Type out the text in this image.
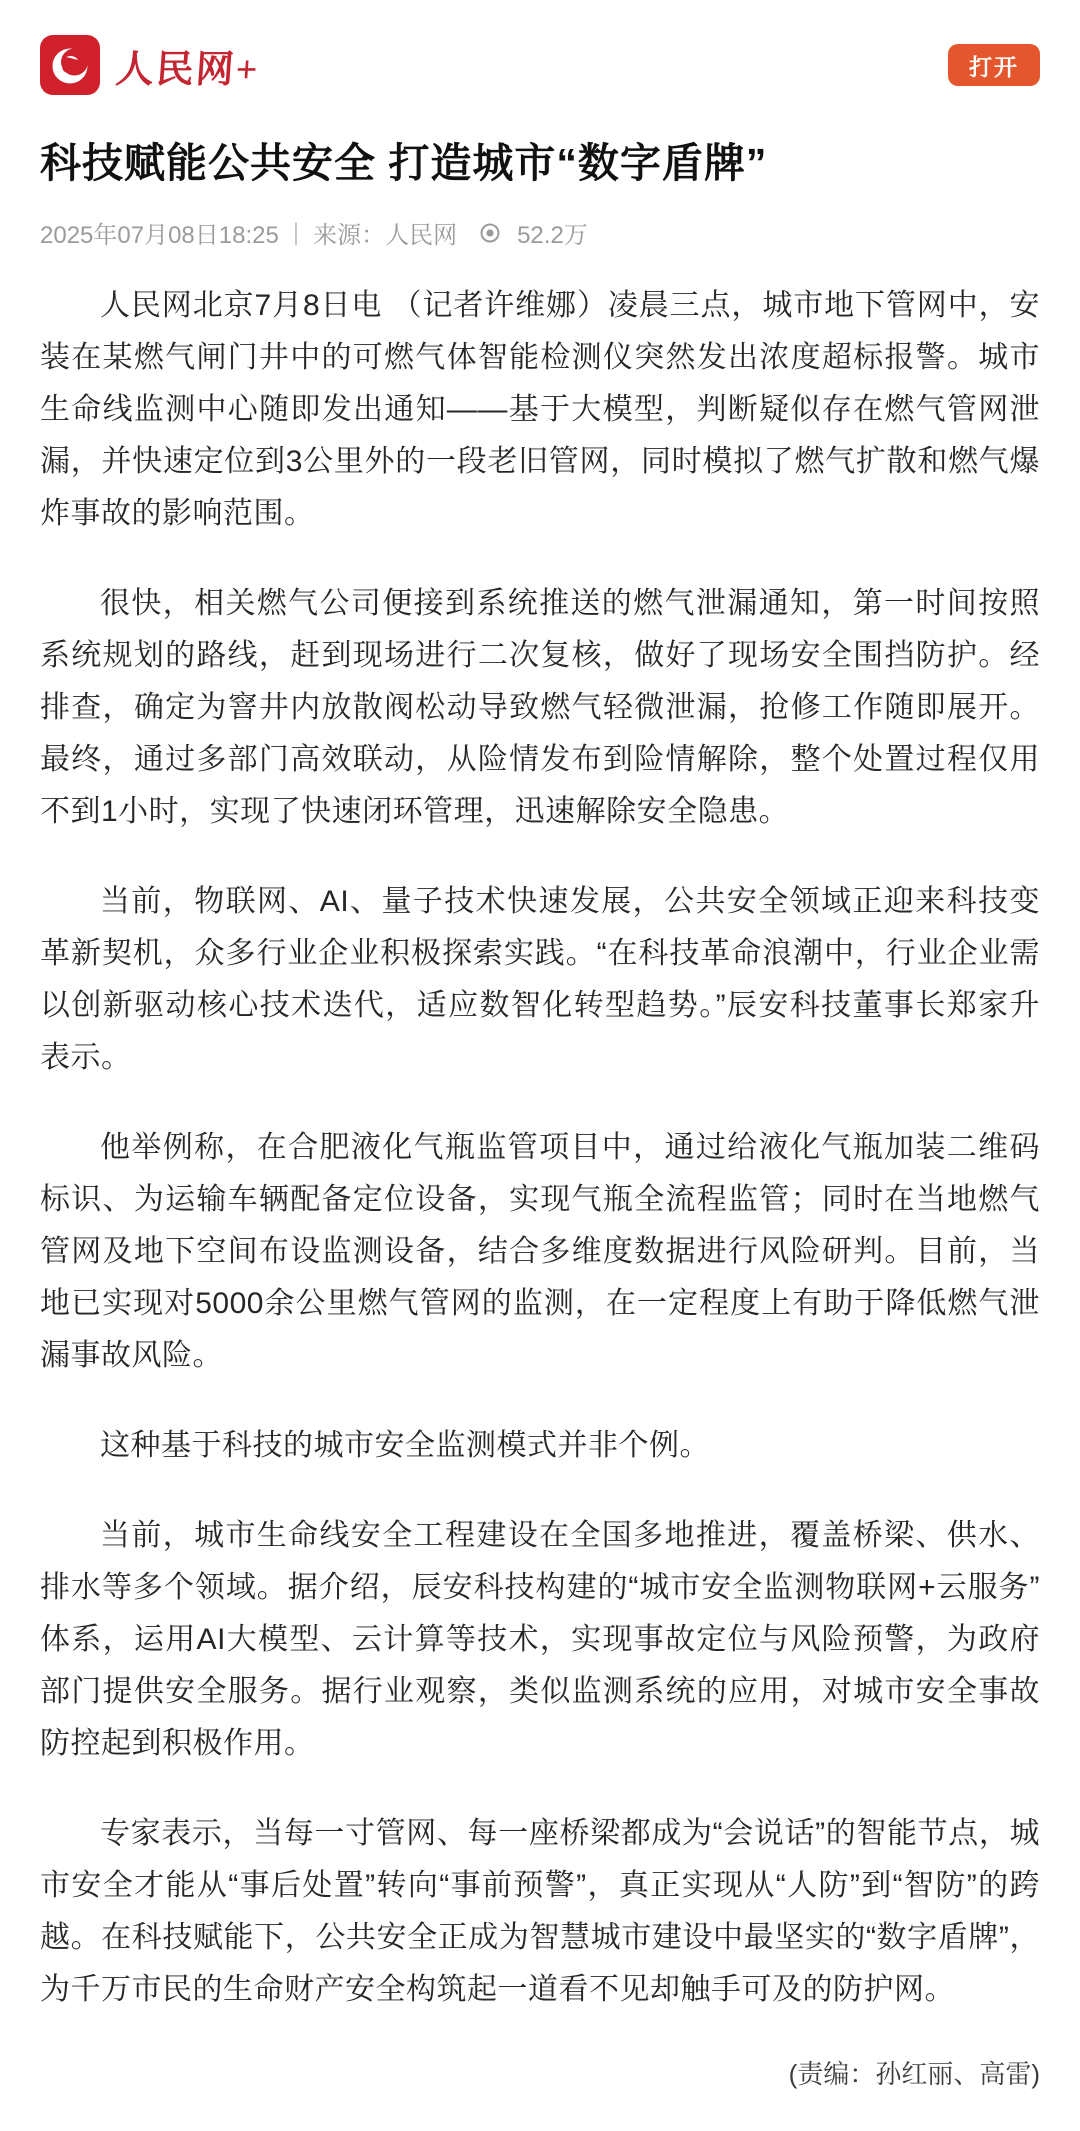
人民网+	打开
科技赋能公共安全 打造城市“数字盾牌”
2025年07月08日18:25 | 来源：人民网	52.2万

人民网北京7月8日电 （记者许维娜）凌晨三点，城市地下管网中，安装在某燃气闸门井中的可燃气体智能检测仪突然发出浓度超标报警。城市生命线监测中心随即发出通知——基于大模型，判断疑似存在燃气管网泄漏，并快速定位到3公里外的一段老旧管网，同时模拟了燃气扩散和燃气爆炸事故的影响范围。

很快，相关燃气公司便接到系统推送的燃气泄漏通知，第一时间按照系统规划的路线，赶到现场进行二次复核，做好了现场安全围挡防护。经排查，确定为窨井内放散阀松动导致燃气轻微泄漏，抢修工作随即展开。最终，通过多部门高效联动，从险情发布到险情解除，整个处置过程仅用不到1小时，实现了快速闭环管理，迅速解除安全隐患。

当前，物联网、AI、量子技术快速发展，公共安全领域正迎来科技变革新契机，众多行业企业积极探索实践。“在科技革命浪潮中，行业企业需以创新驱动核心技术迭代，适应数智化转型趋势。”辰安科技董事长郑家升表示。

他举例称，在合肥液化气瓶监管项目中，通过给液化气瓶加装二维码标识、为运输车辆配备定位设备，实现气瓶全流程监管；同时在当地燃气管网及地下空间布设监测设备，结合多维度数据进行风险研判。目前，当地已实现对5000余公里燃气管网的监测，在一定程度上有助于降低燃气泄漏事故风险。

这种基于科技的城市安全监测模式并非个例。

当前，城市生命线安全工程建设在全国多地推进，覆盖桥梁、供水、排水等多个领域。据介绍，辰安科技构建的“城市安全监测物联网+云服务”体系，运用AI大模型、云计算等技术，实现事故定位与风险预警，为政府部门提供安全服务。据行业观察，类似监测系统的应用，对城市安全事故防控起到积极作用。

专家表示，当每一寸管网、每一座桥梁都成为“会说话”的智能节点，城市安全才能从“事后处置”转向“事前预警”，真正实现从“人防”到“智防”的跨越。在科技赋能下，公共安全正成为智慧城市建设中最坚实的“数字盾牌”，为千万市民的生命财产安全构筑起一道看不见却触手可及的防护网。

(责编：孙红丽、高雷)
